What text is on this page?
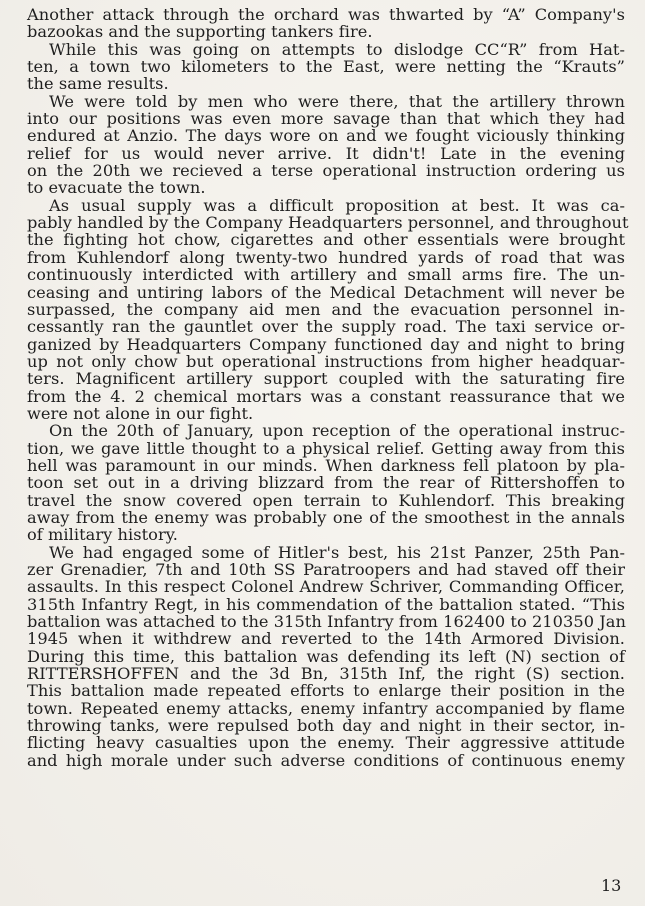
Another attack through the orchard was thwarted by “A” Company's
bazookas and the supporting tankers fire.
While this was going on attempts to dislodge CC“R” from Hat-
ten, a town two kilometers to the East, were netting the “Krauts”
the same results.
We were told by men who were there, that the artillery thrown
into our positions was even more savage than that which they had
endured at Anzio. The days wore on and we fought viciously thinking
relief for us would never arrive. It didn't! Late in the evening
on the 20th we recieved a terse operational instruction ordering us
to evacuate the town.
As usual supply was a difficult proposition at best. It was ca-
pably handled by the Company Headquarters personnel, and throughout
the fighting hot chow, cigarettes and other essentials were brought
from Kuhlendorf along twenty-two hundred yards of road that was
continuously interdicted with artillery and small arms fire. The un-
ceasing and untiring labors of the Medical Detachment will never be
surpassed, the company aid men and the evacuation personnel in-
cessantly ran the gauntlet over the supply road. The taxi service or-
ganized by Headquarters Company functioned day and night to bring
up not only chow but operational instructions from higher headquar-
ters. Magnificent artillery support coupled with the saturating fire
from the 4. 2 chemical mortars was a constant reassurance that we
were not alone in our fight.
On the 20th of January, upon reception of the operational instruc-
tion, we gave little thought to a physical relief. Getting away from this
hell was paramount in our minds. When darkness fell platoon by pla-
toon set out in a driving blizzard from the rear of Rittershoffen to
travel the snow covered open terrain to Kuhlendorf. This breaking
away from the enemy was probably one of the smoothest in the annals
of military history.
We had engaged some of Hitler's best, his 21st Panzer, 25th Pan-
zer Grenadier, 7th and 10th SS Paratroopers and had staved off their
assaults. In this respect Colonel Andrew Schriver, Commanding Officer,
315th Infantry Regt, in his commendation of the battalion stated. “This
battalion was attached to the 315th Infantry from 162400 to 210350 Jan
1945 when it withdrew and reverted to the 14th Armored Division.
During this time, this battalion was defending its left (N) section of
RITTERSHOFFEN and the 3d Bn, 315th Inf, the right (S) section.
This battalion made repeated efforts to enlarge their position in the
town. Repeated enemy attacks, enemy infantry accompanied by flame
throwing tanks, were repulsed both day and night in their sector, in-
flicting heavy casualties upon the enemy. Their aggressive attitude
and high morale under such adverse conditions of continuous enemy
13
